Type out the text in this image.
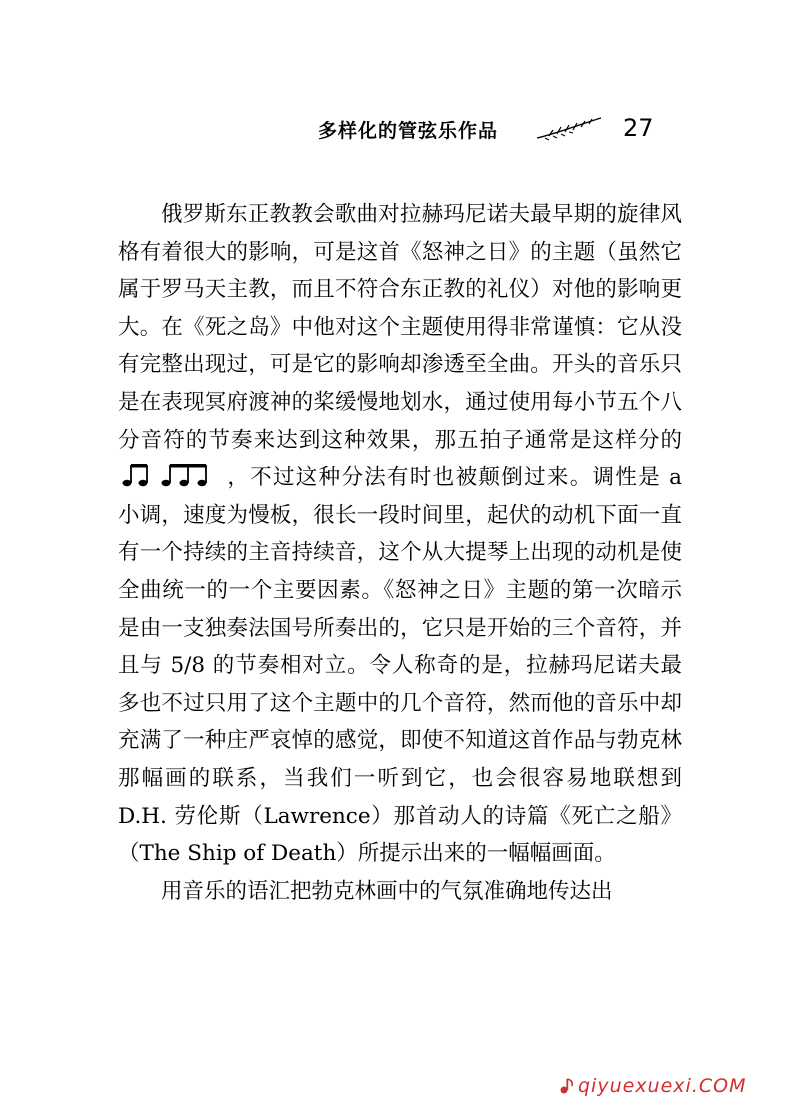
多样化的管弦乐作品	27

俄罗斯东正教教会歌曲对拉赫玛尼诺夫最早期的旋律风格有着很大的影响，可是这首《怒神之日》的主题（虽然它属于罗马天主教，而且不符合东正教的礼仪）对他的影响更大。在《死之岛》中他对这个主题使用得非常谨慎：它从没有完整出现过，可是它的影响却渗透至全曲。开头的音乐只是在表现冥府渡神的桨缓慢地划水，通过使用每小节五个八分音符的节奏来达到这种效果，那五拍子通常是这样分的，不过这种分法有时也被颠倒过来。调性是 a 小调，速度为慢板，很长一段时间里，起伏的动机下面一直有一个持续的主音持续音，这个从大提琴上出现的动机是使全曲统一的一个主要因素。《怒神之日》主题的第一次暗示是由一支独奏法国号所奏出的，它只是开始的三个音符，并且与 5/8 的节奏相对立。令人称奇的是，拉赫玛尼诺夫最多也不过只用了这个主题中的几个音符，然而他的音乐中却充满了一种庄严哀悼的感觉，即使不知道这首作品与勃克林那幅画的联系，当我们一听到它，也会很容易地联想到 D.H. 劳伦斯（Lawrence）那首动人的诗篇《死亡之船》（The Ship of Death）所提示出来的一幅幅画面。

用音乐的语汇把勃克林画中的气氛准确地传达出

qiyuexuexi.COM
